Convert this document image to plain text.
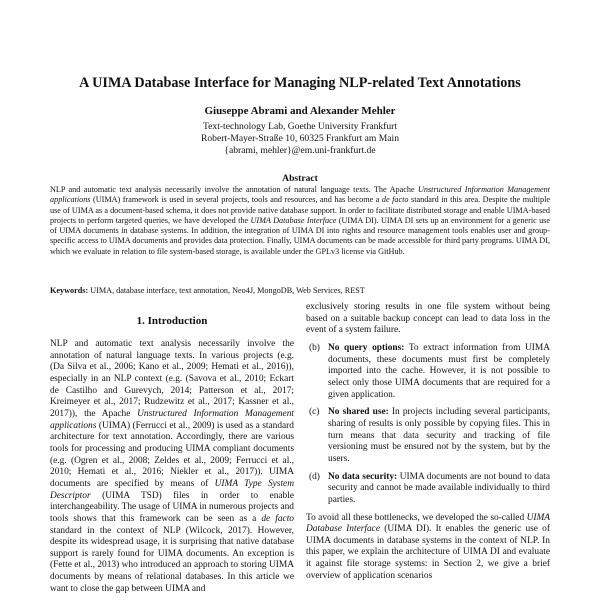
A UIMA Database Interface for Managing NLP-related Text Annotations
Giuseppe Abrami and Alexander Mehler
Text-technology Lab, Goethe University Frankfurt
Robert-Mayer-Straße 10, 60325 Frankfurt am Main
{abrami, mehler}@em.uni-frankfurt.de
Abstract
NLP and automatic text analysis necessarily involve the annotation of natural language texts. The Apache Unstructured Information Management applications (UIMA) framework is used in several projects, tools and resources, and has become a de facto standard in this area. Despite the multiple use of UIMA as a document-based schema, it does not provide native database support. In order to facilitate distributed storage and enable UIMA-based projects to perform targeted queries, we have developed the UIMA Database Interface (UIMA DI). UIMA DI sets up an environment for a generic use of UIMA documents in database systems. In addition, the integration of UIMA DI into rights and resource management tools enables user and group-specific access to UIMA documents and provides data protection. Finally, UIMA documents can be made accessible for third party programs. UIMA DI, which we evaluate in relation to file system-based storage, is available under the GPLv3 license via GitHub.
Keywords: UIMA, database interface, text annotation, Neo4J, MongoDB, Web Services, REST
1. Introduction

NLP and automatic text analysis necessarily involve the annotation of natural language texts. In various projects (e.g. (Da Silva et al., 2006; Kano et al., 2009; Hemati et al., 2016)), especially in an NLP context (e.g. (Savova et al., 2010; Eckart de Castilho and Gurevych, 2014; Patterson et al., 2017; Kreimeyer et al., 2017; Rudzewitz et al., 2017; Kassner et al., 2017)), the Apache Unstructured Information Management applications (UIMA) (Ferrucci et al., 2009) is used as a standard architecture for text annotation. Accordingly, there are various tools for processing and producing UIMA compliant documents (e.g. (Ogren et al., 2008; Zeldes et al., 2009; Ferrucci et al., 2010; Hemati et al., 2016; Niekler et al., 2017)). UIMA documents are specified by means of UIMA Type System Descriptor (UIMA TSD) files in order to enable interchangeability. The usage of UIMA in numerous projects and tools shows that this framework can be seen as a de facto standard in the context of NLP (Wilcock, 2017). However, despite its widespread usage, it is surprising that native database support is rarely found for UIMA documents. An exception is (Fette et al., 2013) who introduced an approach to storing UIMA documents by means of relational databases. In this article we want to close the gap between UIMA and

exclusively storing results in one file system without being based on a suitable backup concept can lead to data loss in the event of a system failure.

(b) No query options: To extract information from UIMA documents, these documents must first be completely imported into the cache. However, it is not possible to select only those UIMA documents that are required for a given application.
(c) No shared use: In projects including several participants, sharing of results is only possible by copying files. This in turn means that data security and tracking of file versioning must be ensured not by the system, but by the users.
(d) No data security: UIMA documents are not bound to data security and cannot be made available individually to third parties.

To avoid all these bottlenecks, we developed the so-called UIMA Database Interface (UIMA DI). It enables the generic use of UIMA documents in database systems in the context of NLP. In this paper, we explain the architecture of UIMA DI and evaluate it against file storage systems: in Section 2, we give a brief overview of application scenarios
